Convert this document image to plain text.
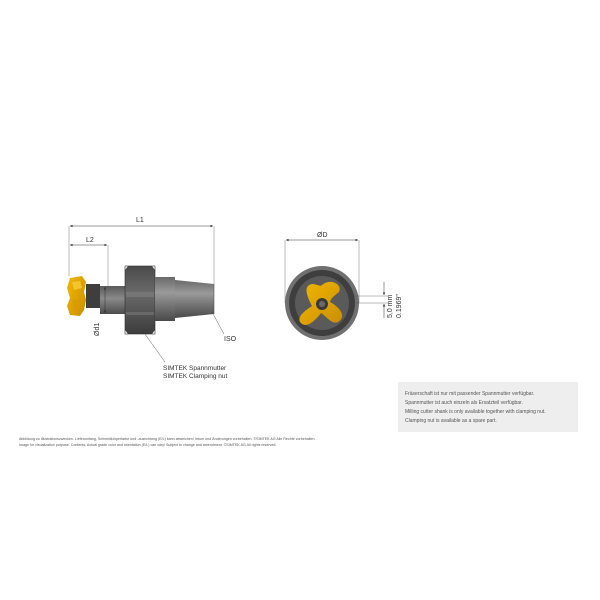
L1
L2
Ød1
ISO
SIMTEK Spannmutter
SIMTEK Clamping nut
ØD
5,0 mm 0.1969"
Fräserschaft ist nur mit passender Spannmutter verfügbar.
Spannmutter ist auch einzeln als Ersatzteil verfügbar.
Milling cutter shank is only available together with clamping nut.
Clamping nut is available as a spare part.
Abbildung zu Illustrationszwecken. Lieferumfang, Schneidkörperfarbe und -ausrichtung (E/L) kann abweichen! Irrtum und Änderungen vorbehalten. ©SIMTEK AG Alle Rechte vorbehalten.
Image for visualization purpose. Contents, Actual grade color and orientation (E/L) can vary! Subject to change and amendment. ©SIMTEK AG All rights reserved.
